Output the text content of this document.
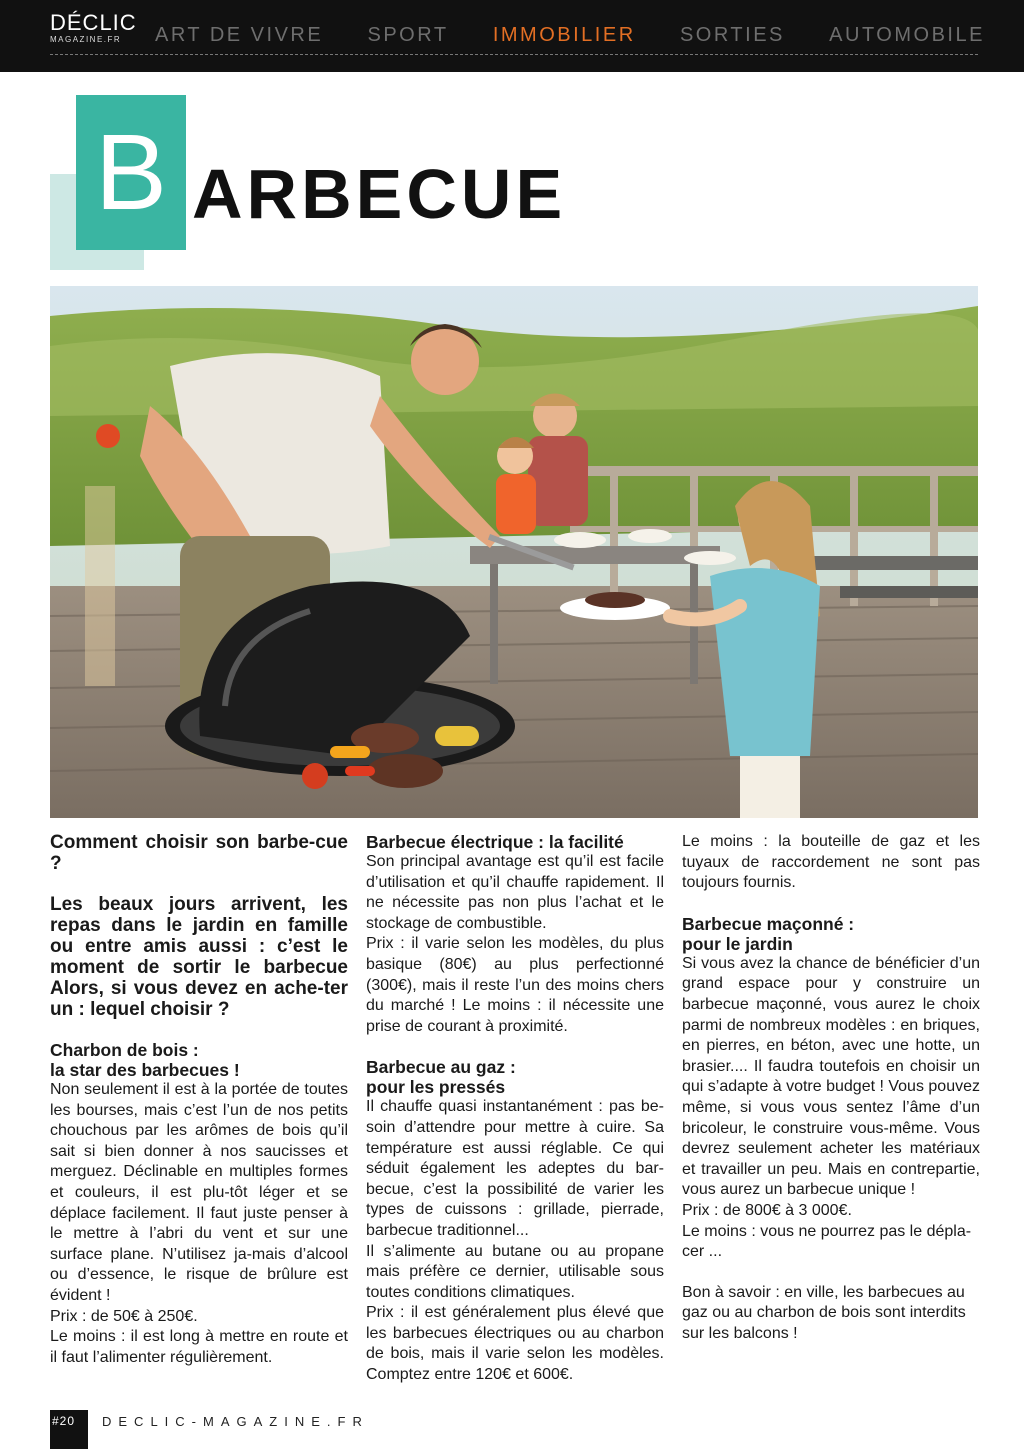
DÉCLIC
MAGAZINE.FR	ART DE VIVRE SPORT IMMOBILIER SORTIES AUTOMOBILE
B ARBECUE

Comment choisir son barbe-cue ?

Les beaux jours arrivent, les repas dans le jardin en famille ou entre amis aussi : c’est le moment de sortir le barbecue Alors, si vous devez en ache-ter un : lequel choisir ?

Charbon de bois :

la star des barbecues !

Non seulement il est à la portée de toutes les bourses, mais c’est l’un de nos petits chouchous par les arômes de bois qu’il sait si bien donner à nos saucisses et merguez. Déclinable en multiples formes et couleurs, il est plu-tôt léger et se déplace facilement. Il faut juste penser à le mettre à l’abri du vent et sur une surface plane. N’utilisez ja-mais d’alcool ou d’essence, le risque de brûlure est évident !

Prix : de 50€ à 250€.

Le moins : il est long à mettre en route et il faut l’alimenter régulièrement.

Barbecue électrique : la facilité

Son principal avantage est qu’il est facile d’utilisation et qu’il chauffe rapidement. Il ne nécessite pas non plus l’achat et le stockage de combustible.

Prix : il varie selon les modèles, du plus basique (80€) au plus perfectionné (300€), mais il reste l’un des moins chers du marché ! Le moins : il nécessite une prise de courant à proximité.

Barbecue au gaz :

pour les pressés

Il chauffe quasi instantanément : pas be-soin d’attendre pour mettre à cuire. Sa température est aussi réglable. Ce qui séduit également les adeptes du bar-becue, c’est la possibilité de varier les types de cuissons : grillade, pierrade, barbecue traditionnel...

Il s’alimente au butane ou au propane mais préfère ce dernier, utilisable sous toutes conditions climatiques.

Prix : il est généralement plus élevé que les barbecues électriques ou au charbon de bois, mais il varie selon les modèles. Comptez entre 120€ et 600€.

Le moins : la bouteille de gaz et les tuyaux de raccordement ne sont pas toujours fournis.

Barbecue maçonné :

pour le jardin

Si vous avez la chance de bénéficier d’un grand espace pour y construire un barbecue maçonné, vous aurez le choix parmi de nombreux modèles : en briques, en pierres, en béton, avec une hotte, un brasier.... Il faudra toutefois en choisir un qui s’adapte à votre budget ! Vous pouvez même, si vous vous sentez l’âme d’un bricoleur, le construire vous-même. Vous devrez seulement acheter les matériaux et travailler un peu. Mais en contrepartie, vous aurez un barbecue unique !

Prix : de 800€ à 3 000€.

Le moins : vous ne pourrez pas le dépla-cer ...

Bon à savoir : en ville, les barbecues au gaz ou au charbon de bois sont interdits sur les balcons !

#20 DECLIC-MAGAZINE.FR
